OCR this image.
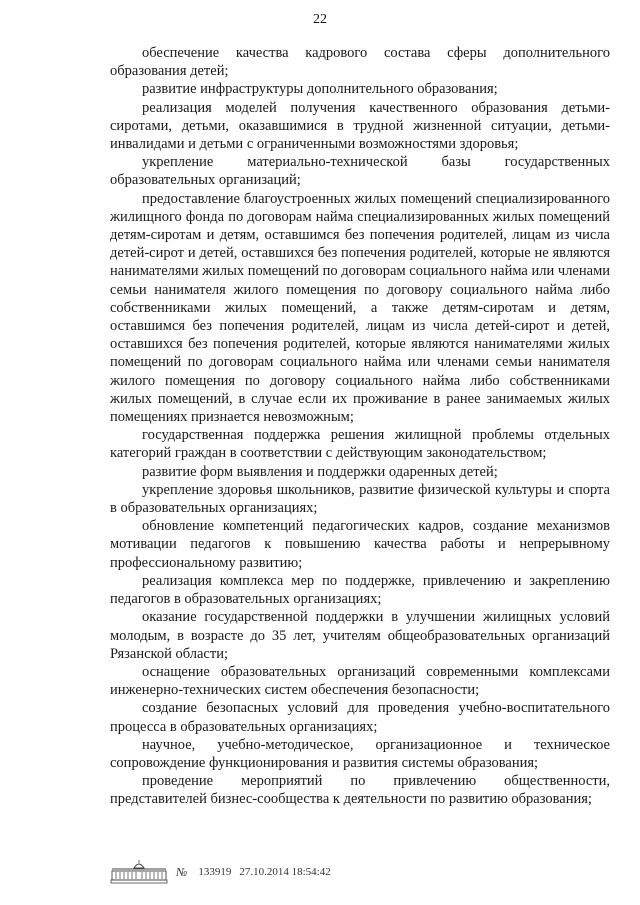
22

обеспечение качества кадрового состава сферы дополнительного образования детей;

развитие инфраструктуры дополнительного образования;

реализация моделей получения качественного образования детьми-сиротами, детьми, оказавшимися в трудной жизненной ситуации, детьми-инвалидами и детьми с ограниченными возможностями здоровья;

укрепление материально-технической базы государственных образовательных организаций;

предоставление благоустроенных жилых помещений специализированного жилищного фонда по договорам найма специализированных жилых помещений детям-сиротам и детям, оставшимся без попечения родителей, лицам из числа детей-сирот и детей, оставшихся без попечения родителей, которые не являются нанимателями жилых помещений по договорам социального найма или членами семьи нанимателя жилого помещения по договору социального найма либо собственниками жилых помещений, а также детям-сиротам и детям, оставшимся без попечения родителей, лицам из числа детей-сирот и детей, оставшихся без попечения родителей, которые являются нанимателями жилых помещений по договорам социального найма или членами семьи нанимателя жилого помещения по договору социального найма либо собственниками жилых помещений, в случае если их проживание в ранее занимаемых жилых помещениях признается невозможным;

государственная поддержка решения жилищной проблемы отдельных категорий граждан в соответствии с действующим законодательством;

развитие форм выявления и поддержки одаренных детей;

укрепление здоровья школьников, развитие физической культуры и спорта в образовательных организациях;

обновление компетенций педагогических кадров, создание механизмов мотивации педагогов к повышению качества работы и непрерывному профессиональному развитию;

реализация комплекса мер по поддержке, привлечению и закреплению педагогов в образовательных организациях;

оказание государственной поддержки в улучшении жилищных условий молодым, в возрасте до 35 лет, учителям общеобразовательных организаций Рязанской области;

оснащение образовательных организаций современными комплексами инженерно-технических систем обеспечения безопасности;

создание безопасных условий для проведения учебно-воспитательного процесса в образовательных организациях;

научное, учебно-методическое, организационное и техническое сопровождение функционирования и развития системы образования;

проведение мероприятий по привлечению общественности, представителей бизнес-сообщества к деятельности по развитию образования;

№ 133919 27.10.2014 18:54:42
